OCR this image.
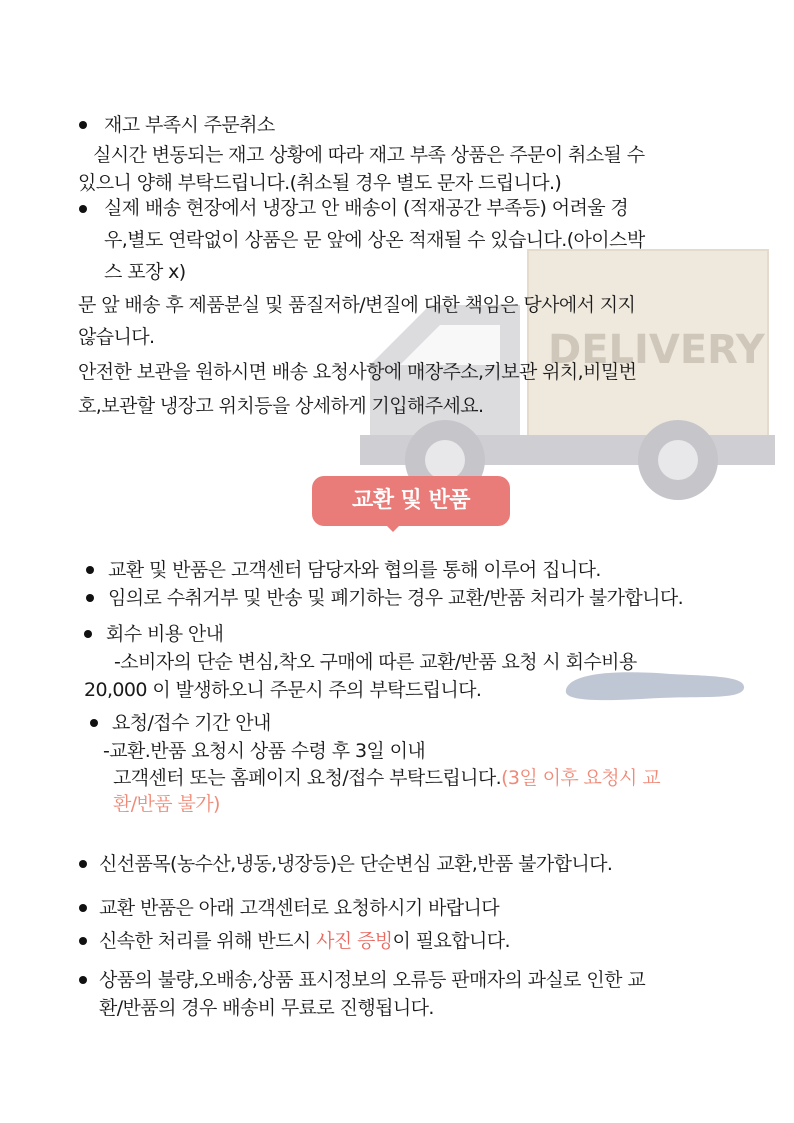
DELIVERY
재고 부족시 주문취소
실시간 변동되는 재고 상황에 따라 재고 부족 상품은 주문이 취소될 수
있으니 양해 부탁드립니다.(취소될 경우 별도 문자 드립니다.)
실제 배송 현장에서 냉장고 안 배송이 (적재공간 부족등) 어려울 경
우,별도 연락없이 상품은 문 앞에 상온 적재될 수 있습니다.(아이스박
스 포장 x)
문 앞 배송 후 제품분실 및 품질저하/변질에 대한 책임은 당사에서 지지
않습니다.
안전한 보관을 원하시면 배송 요청사항에 매장주소,키보관 위치,비밀번
호,보관할 냉장고 위치등을 상세하게 기입해주세요.
교환 및 반품
교환 및 반품은 고객센터 담당자와 협의를 통해 이루어 집니다.
임의로 수취거부 및 반송 및 폐기하는 경우 교환/반품 처리가 불가합니다.
회수 비용 안내
-소비자의 단순 변심,착오 구매에 따른 교환/반품 요청 시 회수비용
20,000 이 발생하오니 주문시 주의 부탁드립니다.
요청/접수 기간 안내
-교환.반품 요청시 상품 수령 후 3일 이내
고객센터 또는 홈페이지 요청/접수 부탁드립니다.(3일 이후 요청시 교
환/반품 불가)
신선품목(농수산,냉동,냉장등)은 단순변심 교환,반품 불가합니다.
교환 반품은 아래 고객센터로 요청하시기 바랍니다
신속한 처리를 위해 반드시 사진 증빙이 필요합니다.
상품의 불량,오배송,상품 표시정보의 오류등 판매자의 과실로 인한 교
환/반품의 경우 배송비 무료로 진행됩니다.
